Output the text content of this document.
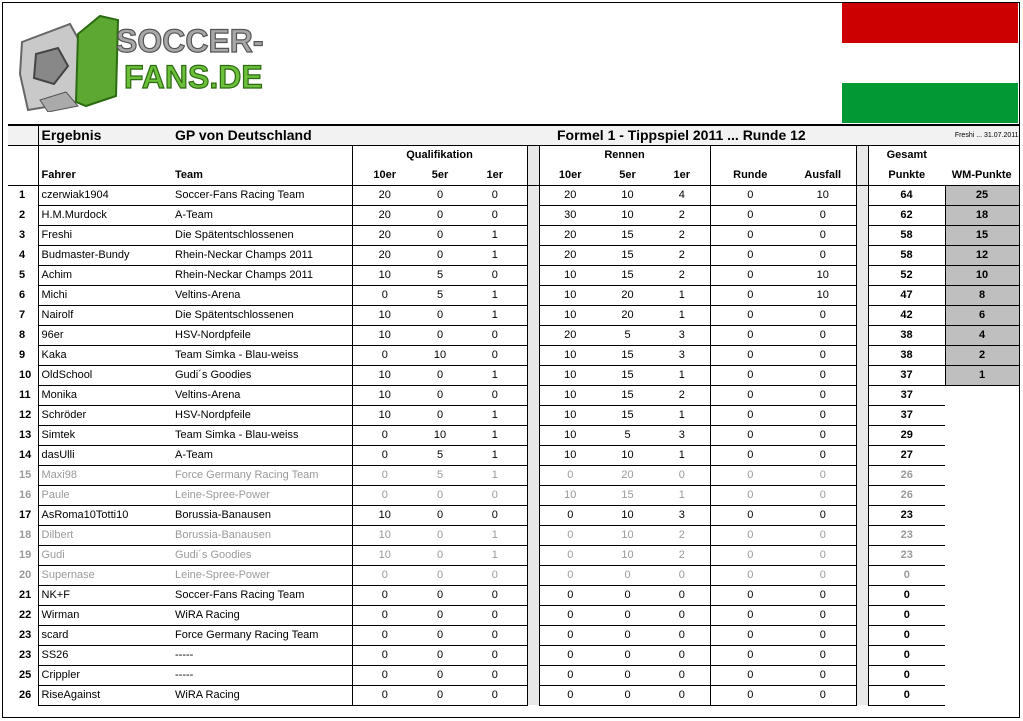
SOCCER-
FANS.DE
	Ergebnis	GP von Deutschland					Formel 1 - Tippspiel 2011 ... Runde 12						Freshi ... 31.07.2011	
			Qualifikation				Rennen						Gesamt	
	Fahrer	Team	10er	5er	1er		10er	5er	1er	Runde	Ausfall		Punkte	WM-Punkte
1	czerwiak1904	Soccer-Fans Racing Team	20	0	0		20	10	4	0	10		64	25
2	H.M.Murdock	A-Team	20	0	0		30	10	2	0	0		62	18
3	Freshi	Die Spätentschlossenen	20	0	1		20	15	2	0	0		58	15
4	Budmaster-Bundy	Rhein-Neckar Champs 2011	20	0	1		20	15	2	0	0		58	12
5	Achim	Rhein-Neckar Champs 2011	10	5	0		10	15	2	0	10		52	10
6	Michi	Veltins-Arena	0	5	1		10	20	1	0	10		47	8
7	Nairolf	Die Spätentschlossenen	10	0	1		10	20	1	0	0		42	6
8	96er	HSV-Nordpfeile	10	0	0		20	5	3	0	0		38	4
9	Kaka	Team Simka - Blau-weiss	0	10	0		10	15	3	0	0		38	2
10	OldSchool	Gudi´s Goodies	10	0	1		10	15	1	0	0		37	1
11	Monika	Veltins-Arena	10	0	0		10	15	2	0	0		37	
12	Schröder	HSV-Nordpfeile	10	0	1		10	15	1	0	0		37	
13	Simtek	Team Simka - Blau-weiss	0	10	1		10	5	3	0	0		29	
14	dasUlli	A-Team	0	5	1		10	10	1	0	0		27	
15	Maxi98	Force Germany Racing Team	0	5	1		0	20	0	0	0		26	
16	Paule	Leine-Spree-Power	0	0	0		10	15	1	0	0		26	
17	AsRoma10Totti10	Borussia-Banausen	10	0	0		0	10	3	0	0		23	
18	Dilbert	Borussia-Banausen	10	0	1		0	10	2	0	0		23	
19	Gudi	Gudi´s Goodies	10	0	1		0	10	2	0	0		23	
20	Supernase	Leine-Spree-Power	0	0	0		0	0	0	0	0		0	
21	NK+F	Soccer-Fans Racing Team	0	0	0		0	0	0	0	0		0	
22	Wirman	WiRA Racing	0	0	0		0	0	0	0	0		0	
23	scard	Force Germany Racing Team	0	0	0		0	0	0	0	0		0	
23	SS26	-----	0	0	0		0	0	0	0	0		0	
25	Crippler	-----	0	0	0		0	0	0	0	0		0	
26	RiseAgainst	WiRA Racing	0	0	0		0	0	0	0	0		0	
